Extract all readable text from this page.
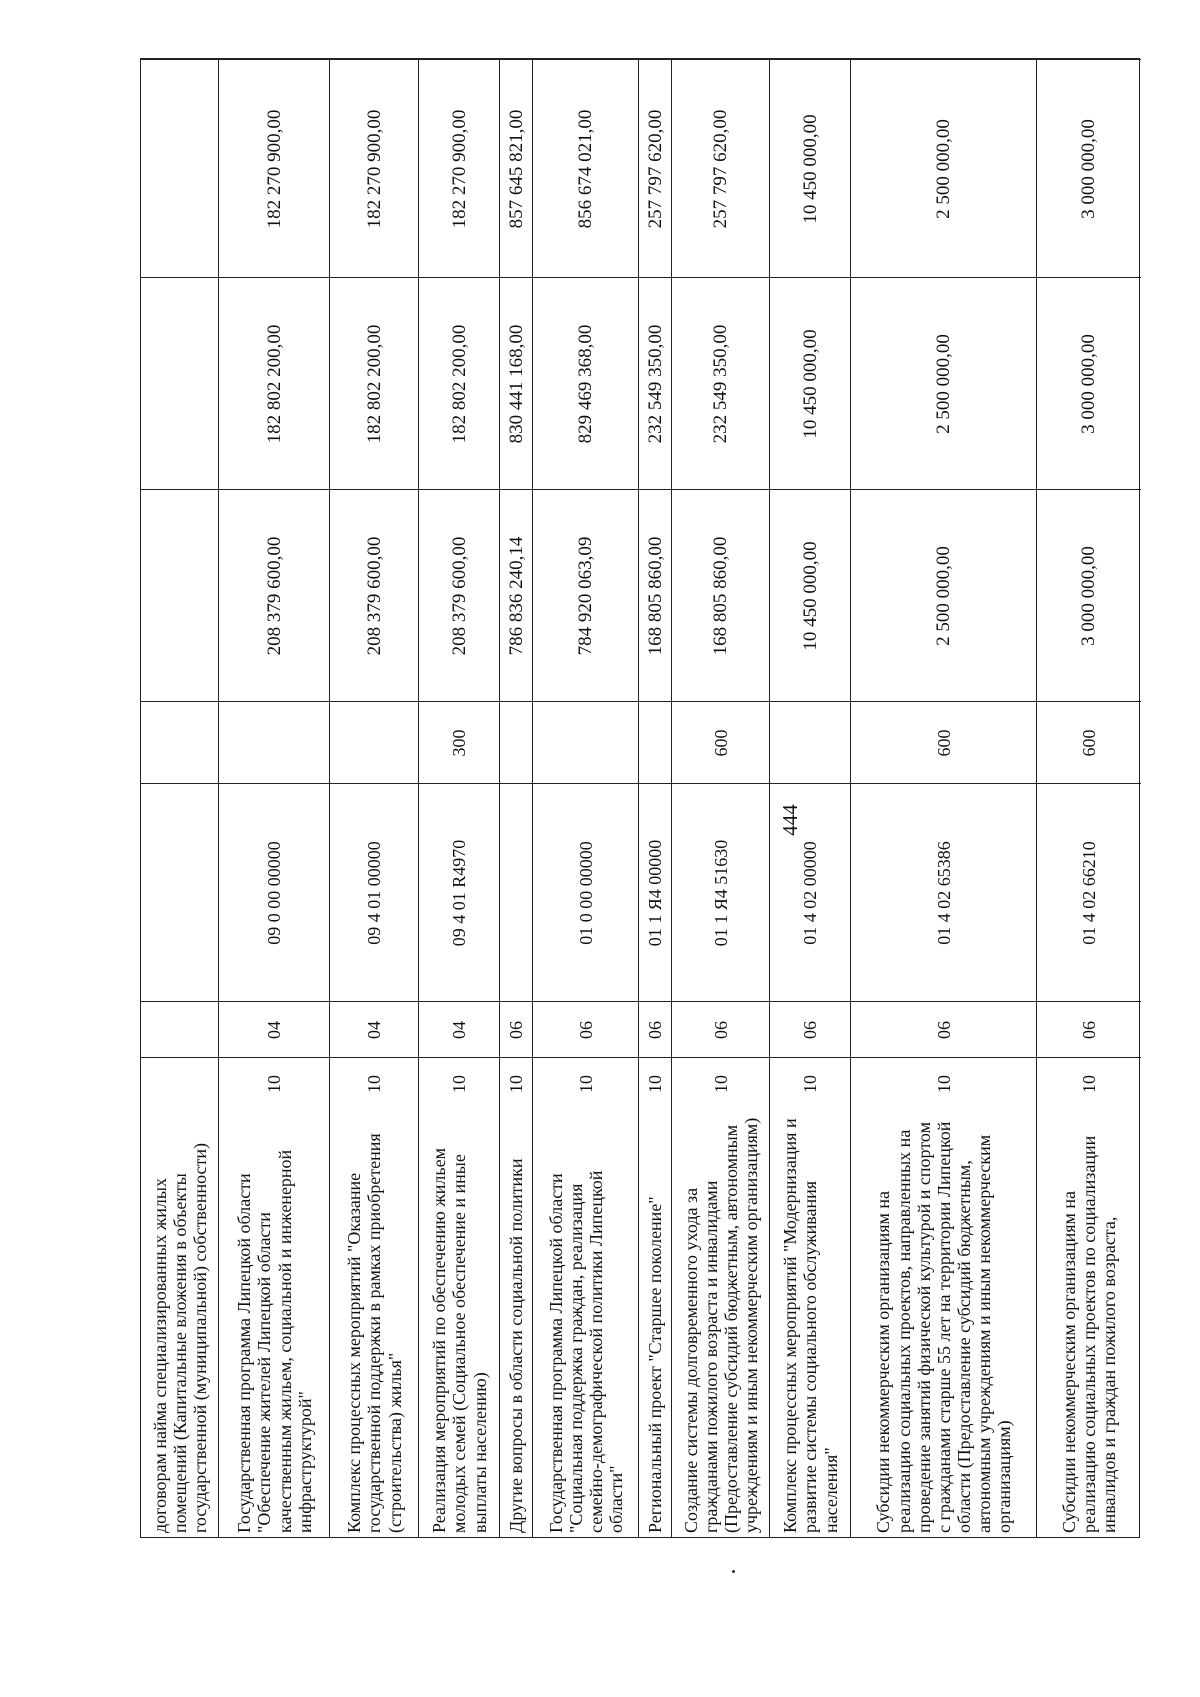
444
договорам найма специализированных жилых помещений (Капитальные вложения в объекты государственной (муниципальной) собственности)	Государственная программа Липецкой области "Обеспечение жителей Липецкой области качественным жильем, социальной и инженерной инфраструктурой"
10
04
09 0 00 00000
208 379 600,00
182 802 200,00
182 270 900,00
Комплекс процессных мероприятий "Оказание государственной поддержки в рамках приобретения (строительства) жилья"
10
04
09 4 01 00000
208 379 600,00
182 802 200,00
182 270 900,00
Реализация мероприятий по обеспечению жильем молодых семей (Социальное обеспечение и иные выплаты населению)
10
04
09 4 01 R4970
300
208 379 600,00
182 802 200,00
182 270 900,00
Другие вопросы в области социальной политики
10
06
786 836 240,14
830 441 168,00
857 645 821,00
Государственная программа Липецкой области "Социальная поддержка граждан, реализация семейно-демографической политики Липецкой области"
10
06
01 0 00 00000
784 920 063,09
829 469 368,00
856 674 021,00
Региональный проект "Старшее поколение"
10
06
01 1 Я4 00000
168 805 860,00
232 549 350,00
257 797 620,00
Создание системы долговременного ухода за гражданами пожилого возраста и инвалидами (Предоставление субсидий бюджетным, автономным учреждениям и иным некоммерческим организациям)
10
06
01 1 Я4 51630
600
168 805 860,00
232 549 350,00
257 797 620,00
Комплекс процессных мероприятий "Модернизация и развитие системы социального обслуживания населения"
10
06
01 4 02 00000
10 450 000,00
10 450 000,00
10 450 000,00
Субсидии некоммерческим организациям на реализацию социальных проектов, направленных на проведение занятий физической культурой и спортом с гражданами старше 55 лет на территории Липецкой области (Предоставление субсидий бюджетным, автономным учреждениям и иным некоммерческим организациям)
10
06
01 4 02 65386
600
2 500 000,00
2 500 000,00
2 500 000,00
Субсидии некоммерческим организациям на реализацию социальных проектов по социализации инвалидов и граждан пожилого возраста,
10
06
01 4 02 66210
600
3 000 000,00
3 000 000,00
3 000 000,00
